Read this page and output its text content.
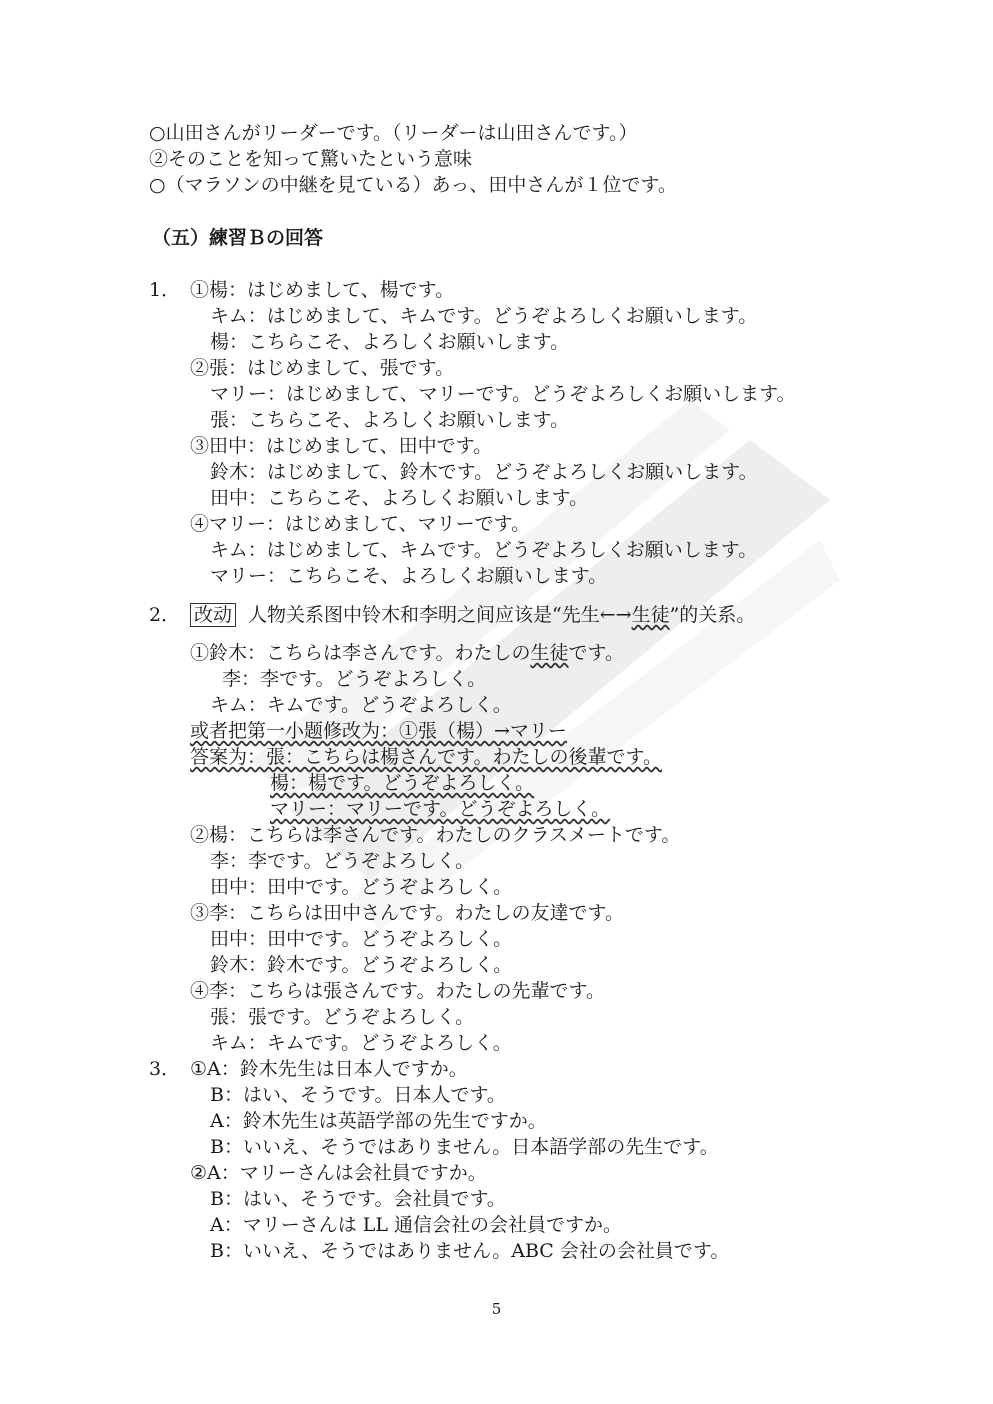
○山田さんがリーダーです。（リーダーは山田さんです。）
②そのことを知って驚いたという意味
○（マラソンの中継を見ている）あっ、田中さんが１位です。
（五）練習Ｂの回答
1． ①楊：はじめまして、楊です。
キム：はじめまして、キムです。どうぞよろしくお願いします。
楊：こちらこそ、よろしくお願いします。
②張：はじめまして、張です。
マリー：はじめまして、マリーです。どうぞよろしくお願いします。
張：こちらこそ、よろしくお願いします。
③田中：はじめまして、田中です。
鈴木：はじめまして、鈴木です。どうぞよろしくお願いします。
田中：こちらこそ、よろしくお願いします。
④マリー：はじめまして、マリーです。
キム：はじめまして、キムです。どうぞよろしくお願いします。
マリー：こちらこそ、よろしくお願いします。
2． 改动 人物关系图中铃木和李明之间应该是“先生←→生徒”的关系。
①鈴木：こちらは李さんです。わたしの生徒です。
李：李です。どうぞよろしく。
キム：キムです。どうぞよろしく。
或者把第一小题修改为：①張（楊）→マリー
答案为：張：こちらは楊さんです。わたしの後輩です。
楊：楊です。どうぞよろしく。
マリー：マリーです。どうぞよろしく。
②楊：こちらは李さんです。わたしのクラスメートです。
李：李です。どうぞよろしく。
田中：田中です。どうぞよろしく。
③李：こちらは田中さんです。わたしの友達です。
田中：田中です。どうぞよろしく。
鈴木：鈴木です。どうぞよろしく。
④李：こちらは張さんです。わたしの先輩です。
張：張です。どうぞよろしく。
キム：キムです。どうぞよろしく。
3． ①A：鈴木先生は日本人ですか。
B：はい、そうです。日本人です。
A：鈴木先生は英語学部の先生ですか。
B：いいえ、そうではありません。日本語学部の先生です。
②A：マリーさんは会社員ですか。
B：はい、そうです。会社員です。
A：マリーさんは LL 通信会社の会社員ですか。
B：いいえ、そうではありません。ABC 会社の会社員です。
5
